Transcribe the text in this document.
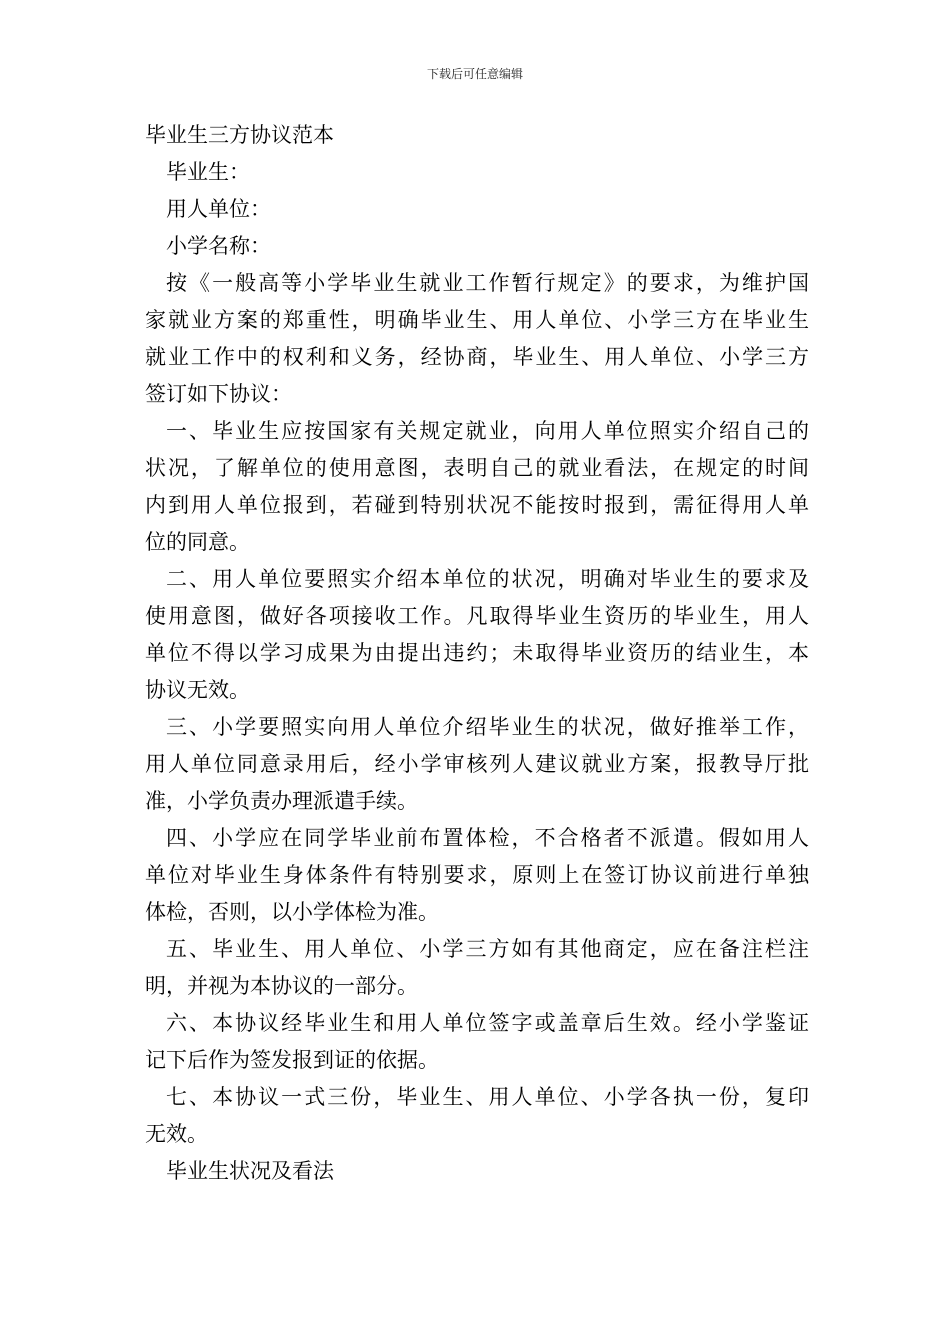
下载后可任意编辑
毕业生三方协议范本
毕业生：
用人单位：
小学名称：
按《一般高等小学毕业生就业工作暂行规定》的要求，为维护国
家就业方案的郑重性，明确毕业生、用人单位、小学三方在毕业生
就业工作中的权利和义务，经协商，毕业生、用人单位、小学三方
签订如下协议：
一、毕业生应按国家有关规定就业，向用人单位照实介绍自己的
状况，了解单位的使用意图，表明自己的就业看法，在规定的时间
内到用人单位报到，若碰到特别状况不能按时报到，需征得用人单
位的同意。
二、用人单位要照实介绍本单位的状况，明确对毕业生的要求及
使用意图，做好各项接收工作。凡取得毕业生资历的毕业生，用人
单位不得以学习成果为由提出违约；未取得毕业资历的结业生，本
协议无效。
三、小学要照实向用人单位介绍毕业生的状况，做好推举工作，
用人单位同意录用后，经小学审核列人建议就业方案，报教导厅批
准，小学负责办理派遣手续。
四、小学应在同学毕业前布置体检，不合格者不派遣。假如用人
单位对毕业生身体条件有特别要求，原则上在签订协议前进行单独
体检，否则，以小学体检为准。
五、毕业生、用人单位、小学三方如有其他商定，应在备注栏注
明，并视为本协议的一部分。
六、本协议经毕业生和用人单位签字或盖章后生效。经小学鉴证
记下后作为签发报到证的依据。
七、本协议一式三份，毕业生、用人单位、小学各执一份，复印
无效。
毕业生状况及看法
